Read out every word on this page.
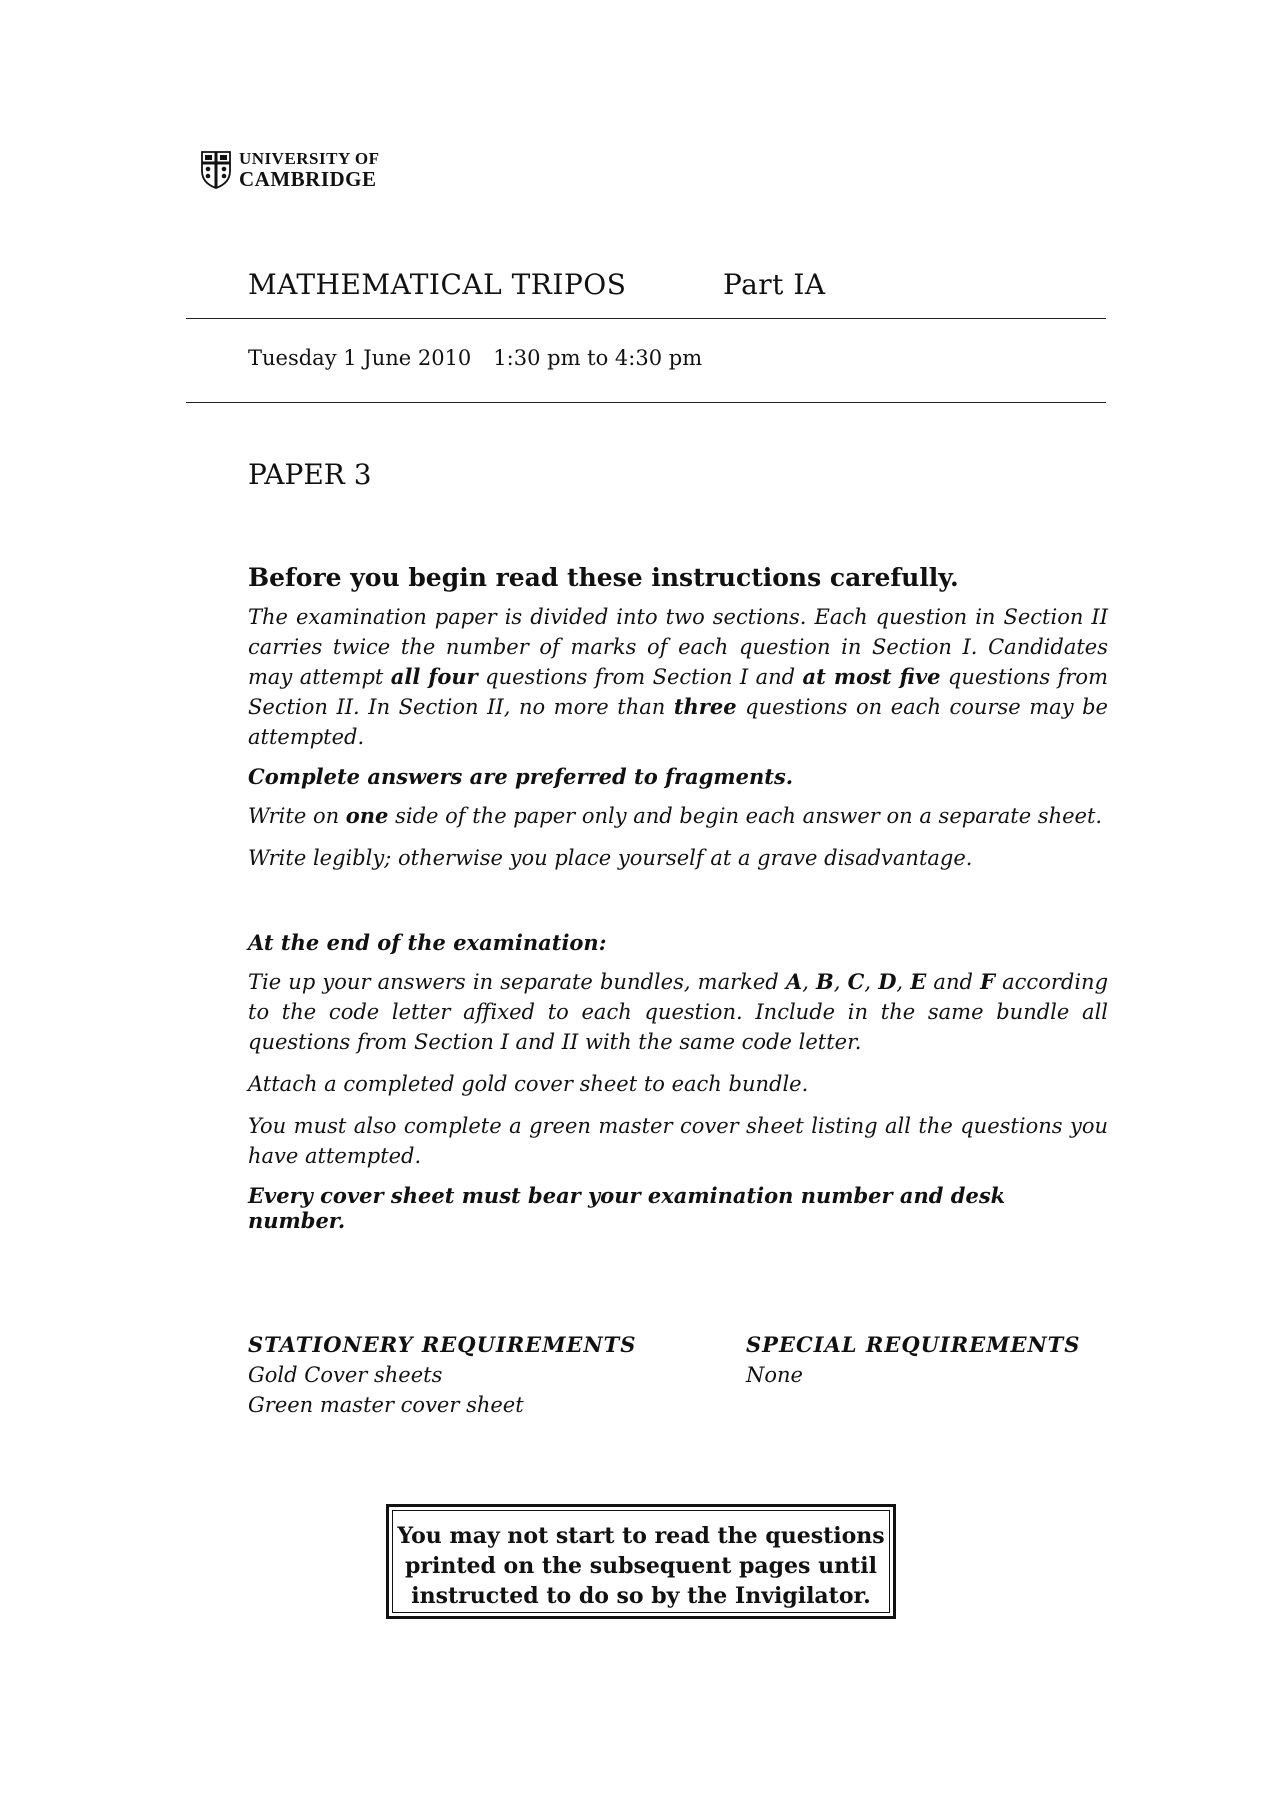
UNIVERSITY OF
CAMBRIDGE
MATHEMATICAL TRIPOS	Part IA
Tuesday 1 June 2010 1:30 pm to 4:30 pm
PAPER 3
Before you begin read these instructions carefully.

The examination paper is divided into two sections. Each question in Section II carries twice the number of marks of each question in Section I. Candidates may attempt all four questions from Section I and at most five questions from Section II. In Section II, no more than three questions on each course may be attempted.

Complete answers are preferred to fragments.

Write on one side of the paper only and begin each answer on a separate sheet.

Write legibly; otherwise you place yourself at a grave disadvantage.

At the end of the examination:

Tie up your answers in separate bundles, marked A, B, C, D, E and F according to the code letter affixed to each question. Include in the same bundle all questions from Section I and II with the same code letter.

Attach a completed gold cover sheet to each bundle.

You must also complete a green master cover sheet listing all the questions you have attempted.

Every cover sheet must bear your examination number and desk number.

STATIONERY REQUIREMENTS
Gold Cover sheets
Green master cover sheet
SPECIAL REQUIREMENTS
None
You may not start to read the questions
printed on the subsequent pages until
instructed to do so by the Invigilator.
